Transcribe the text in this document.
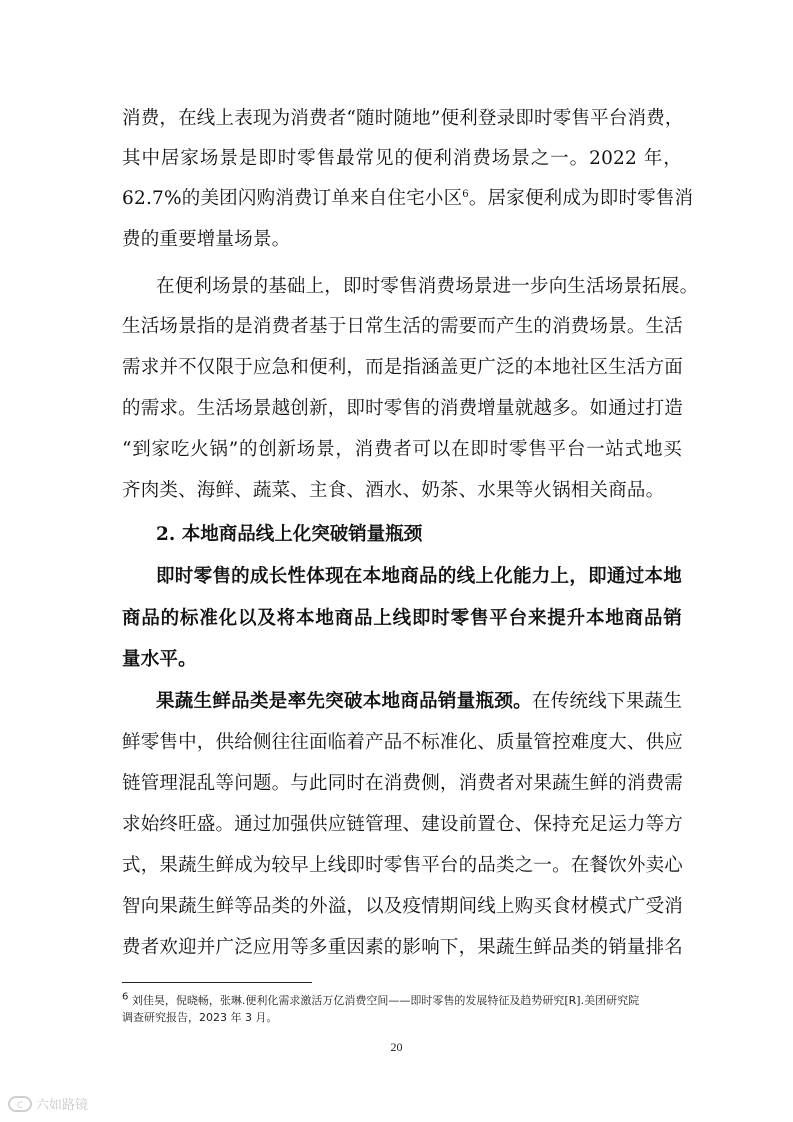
消费，在线上表现为消费者“随时随地”便利登录即时零售平台消费，
其中居家场景是即时零售最常见的便利消费场景之一。2022 年，
62.7%的美团闪购消费订单来自住宅小区$^6$。居家便利成为即时零售消
费的重要增量场景。
在便利场景的基础上，即时零售消费场景进一步向生活场景拓展。
生活场景指的是消费者基于日常生活的需要而产生的消费场景。生活
需求并不仅限于应急和便利，而是指涵盖更广泛的本地社区生活方面
的需求。生活场景越创新，即时零售的消费增量就越多。如通过打造
“到家吃火锅”的创新场景，消费者可以在即时零售平台一站式地买
齐肉类、海鲜、蔬菜、主食、酒水、奶茶、水果等火锅相关商品。
2. 本地商品线上化突破销量瓶颈
即时零售的成长性体现在本地商品的线上化能力上，即通过本地
商品的标准化以及将本地商品上线即时零售平台来提升本地商品销
量水平。
果蔬生鲜品类是率先突破本地商品销量瓶颈。在传统线下果蔬生
鲜零售中，供给侧往往面临着产品不标准化、质量管控难度大、供应
链管理混乱等问题。与此同时在消费侧，消费者对果蔬生鲜的消费需
求始终旺盛。通过加强供应链管理、建设前置仓、保持充足运力等方
式，果蔬生鲜成为较早上线即时零售平台的品类之一。在餐饮外卖心
智向果蔬生鲜等品类的外溢，以及疫情期间线上购买食材模式广受消
费者欢迎并广泛应用等多重因素的影响下，果蔬生鲜品类的销量排名
$^6$ 刘佳昊，倪晓畅，张琳.便利化需求激活万亿消费空间——即时零售的发展特征及趋势研究[R].美团研究院
调查研究报告，2023 年 3 月。
20
C 六如路镜
